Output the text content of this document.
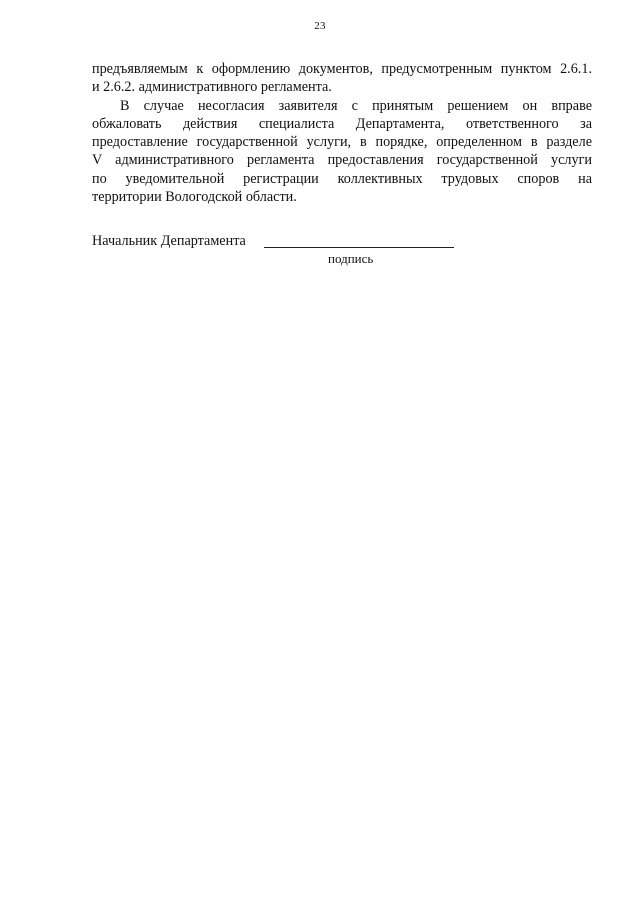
23
предъявляемым к оформлению документов, предусмотренным пунктом 2.6.1.
и 2.6.2. административного регламента.
В случае несогласия заявителя с принятым решением он вправе
обжаловать действия специалиста Департамента, ответственного за
предоставление государственной услуги, в порядке, определенном в разделе
V административного регламента предоставления государственной услуги
по уведомительной регистрации коллективных трудовых споров на
территории Вологодской области.
Начальник Департамента
подпись
